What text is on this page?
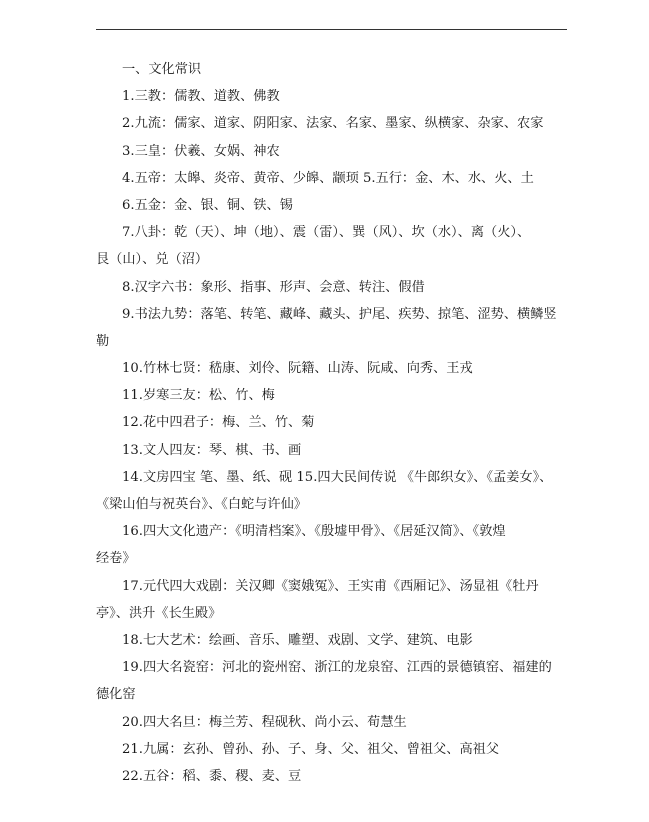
一、文化常识

1.三教：儒教、道教、佛教

2.九流：儒家、道家、阴阳家、法家、名家、墨家、纵横家、杂家、农家

3.三皇：伏羲、女娲、神农

4.五帝：太皞、炎帝、黄帝、少皞、颛顼 5.五行：金、木、水、火、土

6.五金：金、银、铜、铁、锡

7.八卦：乾（天）、坤（地）、震（雷）、巽（风）、坎（水）、离（火）、

艮（山）、兑（沼）

8.汉字六书：象形、指事、形声、会意、转注、假借

9.书法九势：落笔、转笔、藏峰、藏头、护尾、疾势、掠笔、涩势、横鳞竖

勒

10.竹林七贤：嵇康、刘伶、阮籍、山涛、阮咸、向秀、王戎

11.岁寒三友：松、竹、梅

12.花中四君子：梅、兰、竹、菊

13.文人四友：琴、棋、书、画

14.文房四宝 笔、墨、纸、砚 15.四大民间传说 《牛郎织女》、《孟姜女》、

《梁山伯与祝英台》、《白蛇与许仙》

16.四大文化遗产：《明清档案》、《殷墟甲骨》、《居延汉简》、《敦煌

经卷》

17.元代四大戏剧：关汉卿《窦娥冤》、王实甫《西厢记》、汤显祖《牡丹

亭》、洪升《长生殿》

18.七大艺术：绘画、音乐、雕塑、戏剧、文学、建筑、电影

19.四大名瓷窑：河北的瓷州窑、浙江的龙泉窑、江西的景德镇窑、福建的

德化窑

20.四大名旦：梅兰芳、程砚秋、尚小云、荀慧生

21.九属：玄孙、曾孙、孙、子、身、父、祖父、曾祖父、高祖父

22.五谷：稻、黍、稷、麦、豆
